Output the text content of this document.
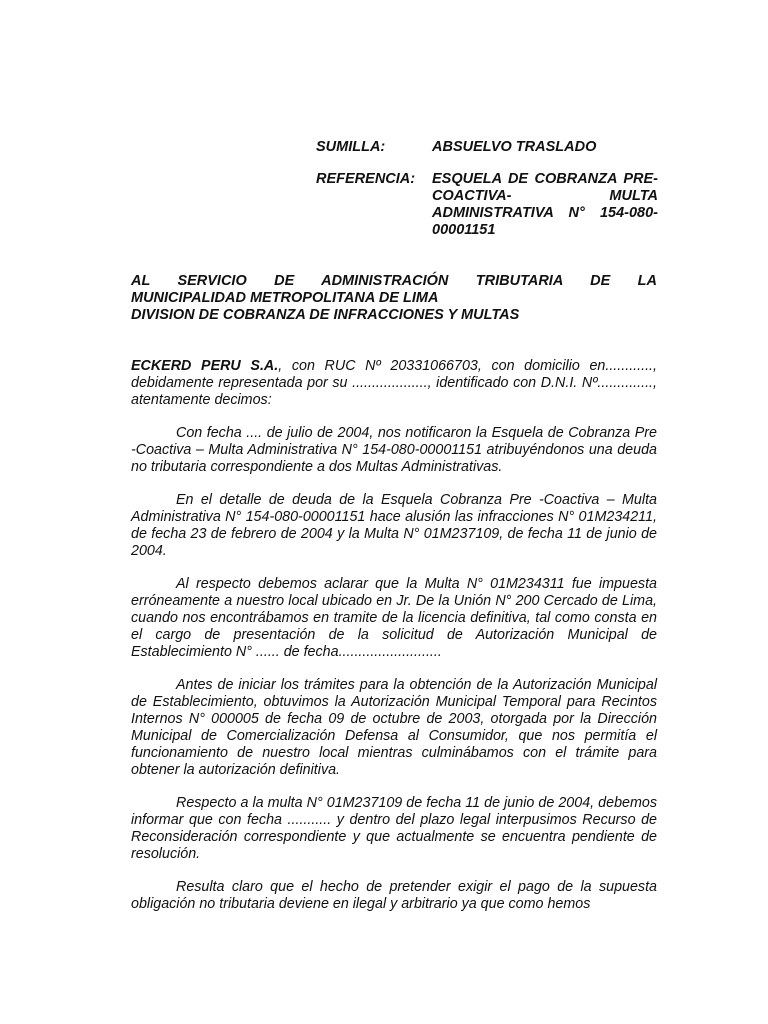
SUMILLA:	ABSUELVO TRASLADO
REFERENCIA:	ESQUELA DE COBRANZA PRE-COACTIVA- MULTA ADMINISTRATIVA N° 154-080-00001151
AL SERVICIO DE ADMINISTRACIÓN TRIBUTARIA DE LA
MUNICIPALIDAD METROPOLITANA DE LIMA
DIVISION DE COBRANZA DE INFRACCIONES Y MULTAS

ECKERD PERU S.A., con RUC Nº 20331066703, con domicilio en............, debidamente representada por su ..................., identificado con D.N.I. Nº.............., atentamente decimos:

Con fecha .... de julio de 2004, nos notificaron la Esquela de Cobranza Pre -Coactiva – Multa Administrativa N° 154-080-00001151 atribuyéndonos una deuda no tributaria correspondiente a dos Multas Administrativas.

En el detalle de deuda de la Esquela Cobranza Pre -Coactiva – Multa Administrativa N° 154-080-00001151 hace alusión las infracciones N° 01M234211, de fecha 23 de febrero de 2004 y la Multa N° 01M237109, de fecha 11 de junio de 2004.

Al respecto debemos aclarar que la Multa N° 01M234311 fue impuesta erróneamente a nuestro local ubicado en Jr. De la Unión N° 200 Cercado de Lima, cuando nos encontrábamos en tramite de la licencia definitiva, tal como consta en el cargo de presentación de la solicitud de Autorización Municipal de Establecimiento N° ...... de fecha..........................

Antes de iniciar los trámites para la obtención de la Autorización Municipal de Establecimiento, obtuvimos la Autorización Municipal Temporal para Recintos Internos N° 000005 de fecha 09 de octubre de 2003, otorgada por la Dirección Municipal de Comercialización Defensa al Consumidor, que nos permitía el funcionamiento de nuestro local mientras culminábamos con el trámite para obtener la autorización definitiva.

Respecto a la multa N° 01M237109 de fecha 11 de junio de 2004, debemos informar que con fecha ........... y dentro del plazo legal interpusimos Recurso de Reconsideración correspondiente y que actualmente se encuentra pendiente de resolución.

Resulta claro que el hecho de pretender exigir el pago de la supuesta obligación no tributaria deviene en ilegal y arbitrario ya que como hemos
